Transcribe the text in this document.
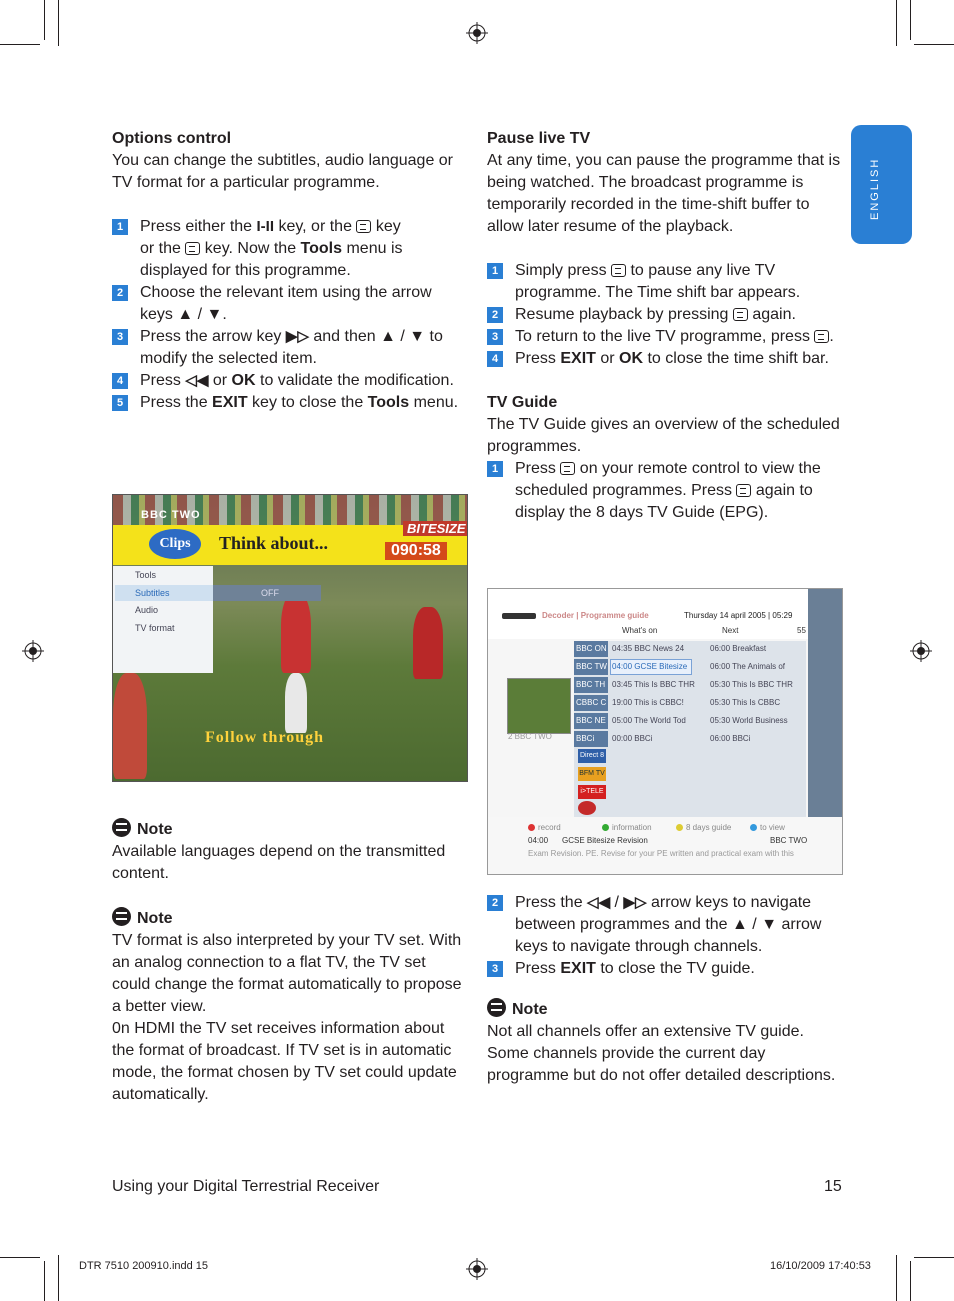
ENGLISH

Options control

You can change the subtitles, audio language or TV format for a particular programme.

1	Press either the I-II key, or the  key
or the  key. Now the Tools menu is displayed for this programme.
2	Choose the relevant item using the arrow keys ▲ / ▼.
3	Press the arrow key ▶▷ and then ▲ / ▼ to modify the selected item.
4	Press ◁◀ or OK to validate the modification.
5	Press the EXIT key to close the Tools menu.
BBC TWO
Clips	Think about...
BITESIZE
090:58
Tools
Subtitles
Audio
TV format
OFF
Follow through

Note

Available languages depend on the transmitted content.

Note

TV format is also interpreted by your TV set. With an analog connection to a flat TV, the TV set could change the format automatically to propose a better view.

0n HDMI the TV set receives information about the format of broadcast. If TV set is in automatic mode, the format chosen by TV set could update automatically.

Pause live TV

At any time, you can pause the programme that is being watched. The broadcast programme is temporarily recorded in the time-shift buffer to allow later resume of the playback.

1	Simply press  to pause any live TV programme. The Time shift bar appears.
2	Resume playback by pressing  again.
3	To return to the live TV programme, press .
4	Press EXIT or OK to close the time shift bar.

TV Guide

The TV Guide gives an overview of the scheduled programmes.

1	Press  on your remote control to view the scheduled programmes. Press  again to display the 8 days TV Guide (EPG).
Decoder | Programme guide	Thursday 14 april 2005 | 05:29
What's on	Next	55
2 BBC TWO
BBC ON 04:35 BBC News 24	06:00 Breakfast
BBC TW 04:00 GCSE Bitesize	06:00 The Animals of
BBC TH 03:45 This Is BBC THR	05:30 This Is BBC THR
CBBC C 19:00 This is CBBC!	05:30 This Is CBBC
BBC NE 05:00 The World Tod	05:30 World Business
BBCi	00:00 BBCi	06:00 BBCi
Direct 8
BFM TV
i>TELE
record	information	8 days guide	to view
04:00 GCSE Bitesize Revision	BBC TWO
Exam Revision. PE. Revise for your PE written and practical exam with this
2	Press the ◁◀ / ▶▷ arrow keys to navigate between programmes and the ▲ / ▼ arrow keys to navigate through channels.
3	Press EXIT to close the TV guide.

Note

Not all channels offer an extensive TV guide. Some channels provide the current day programme but do not offer detailed descriptions.

Using your Digital Terrestrial Receiver	15
DTR 7510 200910.indd 15	16/10/2009 17:40:53
